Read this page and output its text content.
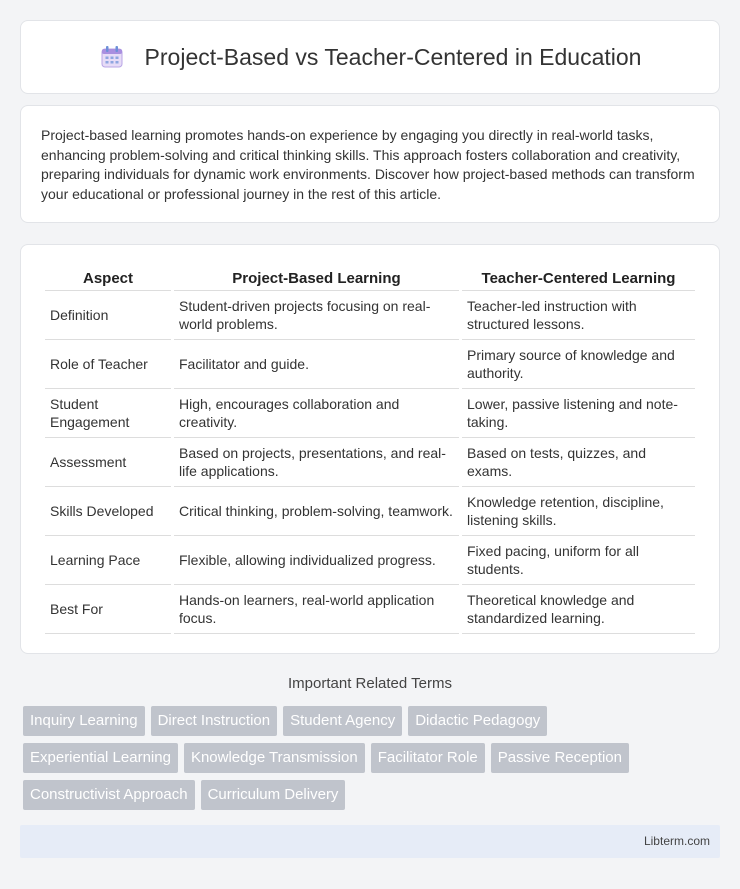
Project-Based vs Teacher-Centered in Education

Project-based learning promotes hands-on experience by engaging you directly in real-world tasks, enhancing problem-solving and critical thinking skills. This approach fosters collaboration and creativity, preparing individuals for dynamic work environments. Discover how project-based methods can transform your educational or professional journey in the rest of this article.

Aspect	Project-Based Learning	Teacher-Centered Learning
Definition	Student-driven projects focusing on real-world problems.	Teacher-led instruction with structured lessons.
Role of Teacher	Facilitator and guide.	Primary source of knowledge and authority.
Student Engagement	High, encourages collaboration and creativity.	Lower, passive listening and note-taking.
Assessment	Based on projects, presentations, and real-life applications.	Based on tests, quizzes, and exams.
Skills Developed	Critical thinking, problem-solving, teamwork.	Knowledge retention, discipline, listening skills.
Learning Pace	Flexible, allowing individualized progress.	Fixed pacing, uniform for all students.
Best For	Hands-on learners, real-world application focus.	Theoretical knowledge and standardized learning.
Important Related Terms
Inquiry Learning	Direct Instruction	Student Agency	Didactic Pedagogy
Experiential Learning	Knowledge Transmission	Facilitator Role	Passive Reception
Constructivist Approach	Curriculum Delivery
Libterm.com
